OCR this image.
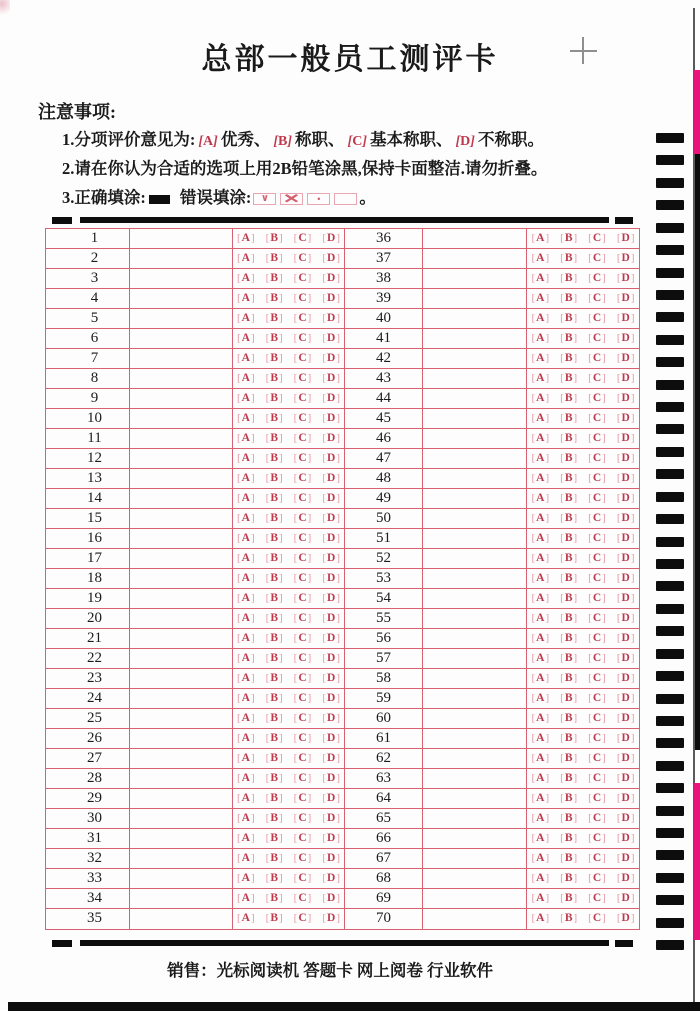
总部一般员工测评卡
注意事项:
1.分项评价意见为: [A] 优秀、 [B] 称职、 [C] 基本称职、 [D] 不称职。
2.请在你认为合适的选项上用2B铅笔涂黑,保持卡面整洁.请勿折叠。
3.正确填涂: 错误填涂: ∨	✕	•	。
1	[A] [B] [C] [D]	36	[A] [B] [C] [D]
2	[A] [B] [C] [D]	37	[A] [B] [C] [D]
3	[A] [B] [C] [D]	38	[A] [B] [C] [D]
4	[A] [B] [C] [D]	39	[A] [B] [C] [D]
5	[A] [B] [C] [D]	40	[A] [B] [C] [D]
6	[A] [B] [C] [D]	41	[A] [B] [C] [D]
7	[A] [B] [C] [D]	42	[A] [B] [C] [D]
8	[A] [B] [C] [D]	43	[A] [B] [C] [D]
9	[A] [B] [C] [D]	44	[A] [B] [C] [D]
10	[A] [B] [C] [D]	45	[A] [B] [C] [D]
11	[A] [B] [C] [D]	46	[A] [B] [C] [D]
12	[A] [B] [C] [D]	47	[A] [B] [C] [D]
13	[A] [B] [C] [D]	48	[A] [B] [C] [D]
14	[A] [B] [C] [D]	49	[A] [B] [C] [D]
15	[A] [B] [C] [D]	50	[A] [B] [C] [D]
16	[A] [B] [C] [D]	51	[A] [B] [C] [D]
17	[A] [B] [C] [D]	52	[A] [B] [C] [D]
18	[A] [B] [C] [D]	53	[A] [B] [C] [D]
19	[A] [B] [C] [D]	54	[A] [B] [C] [D]
20	[A] [B] [C] [D]	55	[A] [B] [C] [D]
21	[A] [B] [C] [D]	56	[A] [B] [C] [D]
22	[A] [B] [C] [D]	57	[A] [B] [C] [D]
23	[A] [B] [C] [D]	58	[A] [B] [C] [D]
24	[A] [B] [C] [D]	59	[A] [B] [C] [D]
25	[A] [B] [C] [D]	60	[A] [B] [C] [D]
26	[A] [B] [C] [D]	61	[A] [B] [C] [D]
27	[A] [B] [C] [D]	62	[A] [B] [C] [D]
28	[A] [B] [C] [D]	63	[A] [B] [C] [D]
29	[A] [B] [C] [D]	64	[A] [B] [C] [D]
30	[A] [B] [C] [D]	65	[A] [B] [C] [D]
31	[A] [B] [C] [D]	66	[A] [B] [C] [D]
32	[A] [B] [C] [D]	67	[A] [B] [C] [D]
33	[A] [B] [C] [D]	68	[A] [B] [C] [D]
34	[A] [B] [C] [D]	69	[A] [B] [C] [D]
35	[A] [B] [C] [D]	70	[A] [B] [C] [D]
销售：光标阅读机 答题卡 网上阅卷 行业软件
